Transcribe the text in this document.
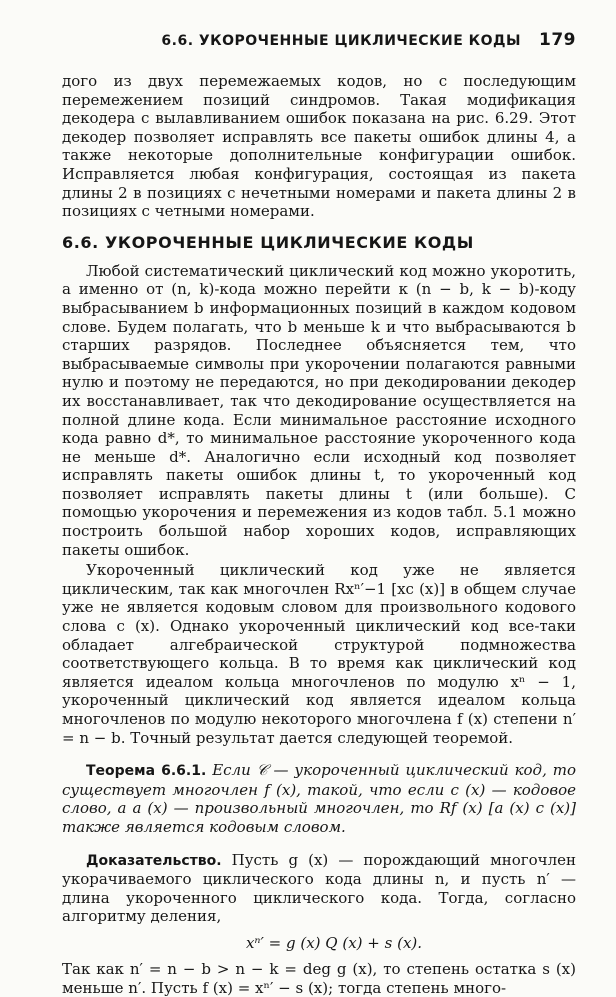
6.6. УКОРОЧЕННЫЕ ЦИКЛИЧЕСКИЕ КОДЫ 179

дого из двух перемежаемых кодов, но с последующим перемежением позиций синдромов. Такая модификация декодера с вылавливанием ошибок показана на рис. 6.29. Этот декодер позволяет исправлять все пакеты ошибок длины 4, а также некоторые дополнительные конфигурации ошибок. Исправляется любая конфигурация, состоящая из пакета длины 2 в позициях с нечетными номерами и пакета длины 2 в позициях с четными номерами.

6.6. УКОРОЧЕННЫЕ ЦИКЛИЧЕСКИЕ КОДЫ

Любой систематический циклический код можно укоротить, а именно от (n, k)-кода можно перейти к (n − b, k − b)-коду выбрасыванием b информационных позиций в каждом кодовом слове. Будем полагать, что b меньше k и что выбрасываются b старших разрядов. Последнее объясняется тем, что выбрасываемые символы при укорочении полагаются равными нулю и поэтому не передаются, но при декодировании декодер их восстанавливает, так что декодирование осуществляется на полной длине кода. Если минимальное расстояние исходного кода равно d*, то минимальное расстояние укороченного кода не меньше d*. Аналогично если исходный код позволяет исправлять пакеты ошибок длины t, то укороченный код позволяет исправлять пакеты длины t (или больше). С помощью укорочения и перемежения из кодов табл. 5.1 можно построить большой набор хороших кодов, исправляющих пакеты ошибок.

Укороченный циклический код уже не является циклическим, так как многочлен Rxⁿ′−1 [xc (x)] в общем случае уже не является кодовым словом для произвольного кодового слова c (x). Однако укороченный циклический код все-таки обладает алгебраической структурой подмножества соответствующего кольца. В то время как циклический код является идеалом кольца многочленов по модулю xⁿ − 1, укороченный циклический код является идеалом кольца многочленов по модулю некоторого многочлена f (x) степени n′ = n − b. Точный результат дается следующей теоремой.

Теорема 6.6.1. Если 𝒞 — укороченный циклический код, то существует многочлен f (x), такой, что если c (x) — кодовое слово, a a (x) — произвольный многочлен, то Rf (x) [a (x) c (x)] также является кодовым словом.

Доказательство. Пусть g (x) — порождающий многочлен укорачиваемого циклического кода длины n, и пусть n′ — длина укороченного циклического кода. Тогда, согласно алгоритму деления,

xⁿ′ = g (x) Q (x) + s (x).

Так как n′ = n − b > n − k = deg g (x), то степень остатка s (x) меньше n′. Пусть f (x) = xⁿ′ − s (x); тогда степень много-
